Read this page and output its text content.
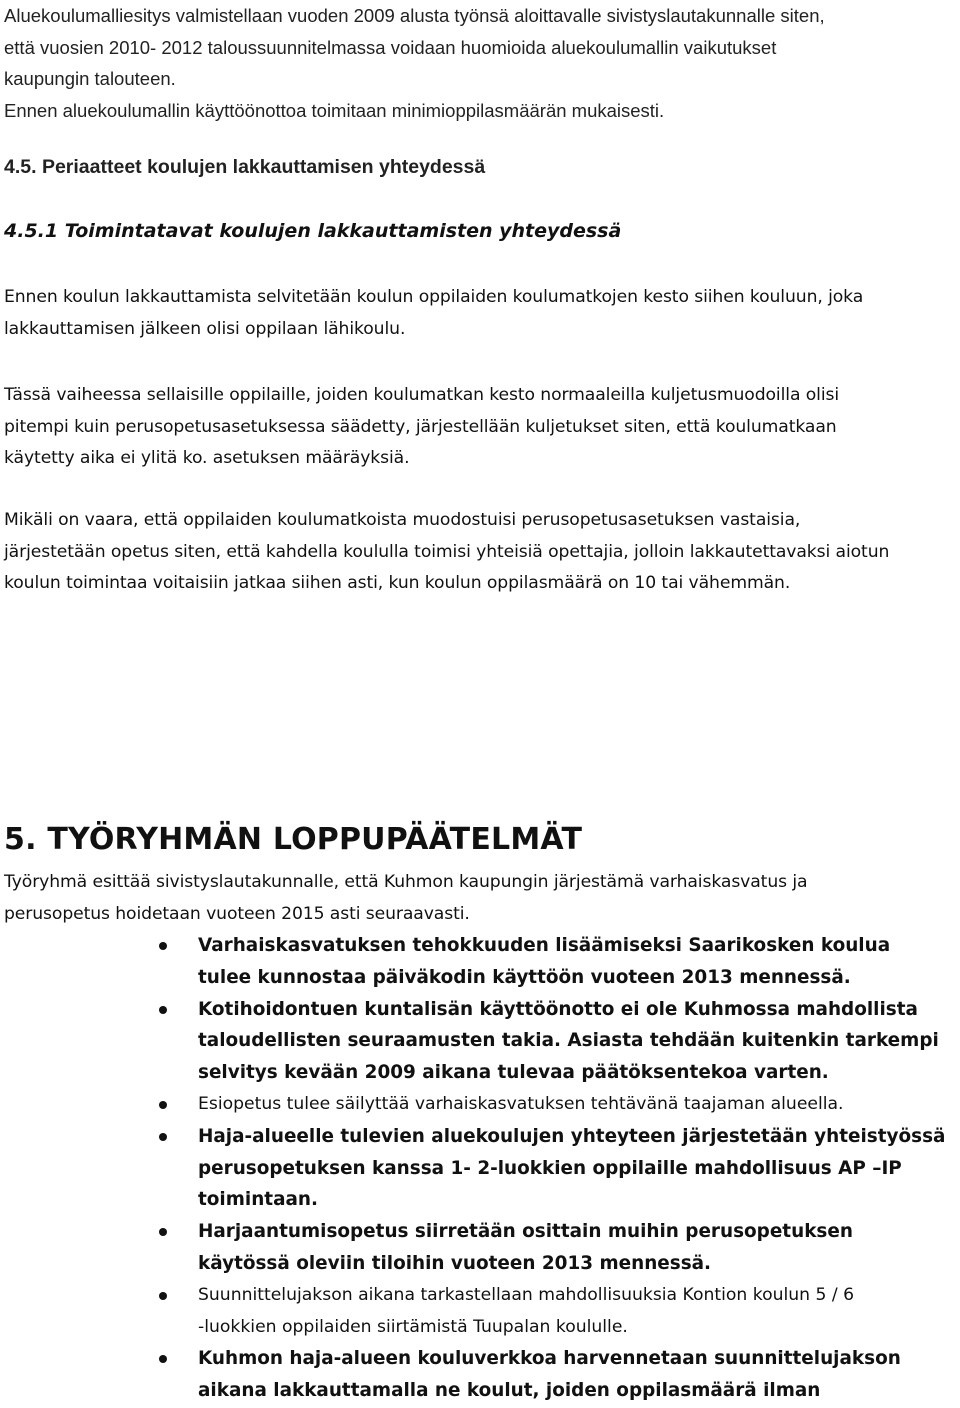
Aluekoulumalliesitys valmistellaan vuoden 2009 alusta työnsä aloittavalle sivistyslautakunnalle siten,

että vuosien 2010- 2012 taloussuunnitelmassa voidaan huomioida aluekoulumallin vaikutukset

kaupungin talouteen.

Ennen aluekoulumallin käyttöönottoa toimitaan minimioppilasmäärän mukaisesti.

4.5. Periaatteet koulujen lakkauttamisen yhteydessä
4.5.1 Toimintatavat koulujen lakkauttamisten yhteydessä
Ennen koulun lakkauttamista selvitetään koulun oppilaiden koulumatkojen kesto siihen kouluun, joka
lakkauttamisen jälkeen olisi oppilaan lähikoulu.
Tässä vaiheessa sellaisille oppilaille, joiden koulumatkan kesto normaaleilla kuljetusmuodoilla olisi
pitempi kuin perusopetusasetuksessa säädetty, järjestellään kuljetukset siten, että koulumatkaan
käytetty aika ei ylitä ko. asetuksen määräyksiä.
Mikäli on vaara, että oppilaiden koulumatkoista muodostuisi perusopetusasetuksen vastaisia,
järjestetään opetus siten, että kahdella koululla toimisi yhteisiä opettajia, jolloin lakkautettavaksi aiotun
koulun toimintaa voitaisiin jatkaa siihen asti, kun koulun oppilasmäärä on 10 tai vähemmän.
5. TYÖRYHMÄN LOPPUPÄÄTELMÄT
Työryhmä esittää sivistyslautakunnalle, että Kuhmon kaupungin järjestämä varhaiskasvatus ja
perusopetus hoidetaan vuoteen 2015 asti seuraavasti.
Varhaiskasvatuksen tehokkuuden lisäämiseksi Saarikosken koulua
tulee kunnostaa päiväkodin käyttöön vuoteen 2013 mennessä.
Kotihoidontuen kuntalisän käyttöönotto ei ole Kuhmossa mahdollista
taloudellisten seuraamusten takia. Asiasta tehdään kuitenkin tarkempi
selvitys kevään 2009 aikana tulevaa päätöksentekoa varten.
Esiopetus tulee säilyttää varhaiskasvatuksen tehtävänä taajaman alueella.
Haja-alueelle tulevien aluekoulujen yhteyteen järjestetään yhteistyössä
perusopetuksen kanssa 1- 2-luokkien oppilaille mahdollisuus AP –IP
toimintaan.
Harjaantumisopetus siirretään osittain muihin perusopetuksen
käytössä oleviin tiloihin vuoteen 2013 mennessä.
Suunnittelujakson aikana tarkastellaan mahdollisuuksia Kontion koulun 5 / 6
-luokkien oppilaiden siirtämistä Tuupalan koululle.
Kuhmon haja-alueen kouluverkkoa harvennetaan suunnittelujakson
aikana lakkauttamalla ne koulut, joiden oppilasmäärä ilman
